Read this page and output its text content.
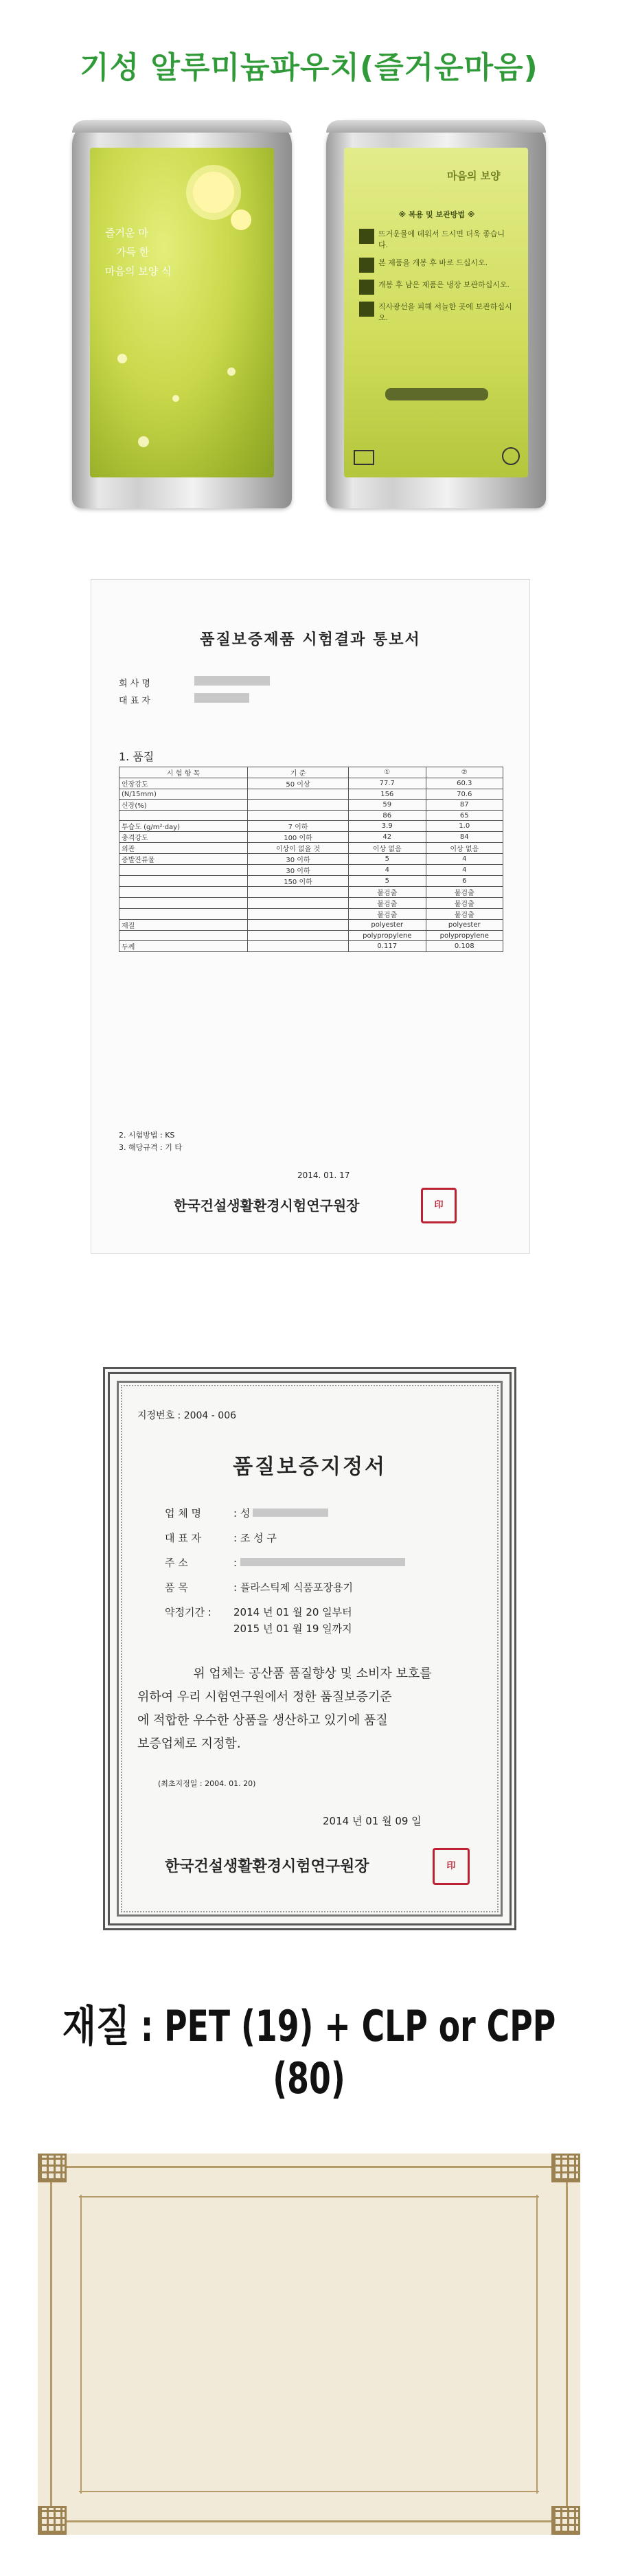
기성 알루미늄파우치(즐거운마음)
즐거운 마
가득 한
마음의 보양 식
마음의 보양
※ 복용 및 보관방법 ※
뜨거운물에 데워서 드시면 더욱 좋습니다.
본 제품을 개봉 후 바로 드십시오.
개봉 후 남은 제품은 냉장 보관하십시오.
직사광선을 피해 서늘한 곳에 보관하십시오.
품질보증제품 시험결과 통보서
회 사 명
대 표 자
1. 품질
시 험 항 목	기 준	①	②
인장강도	50 이상	77.7	60.3
(N/15mm)		156	70.6
신장(%)		59	87
		86	65
투습도 (g/m²·day)	7 이하	3.9	1.0
충격강도	100 이하	42	84
외관	이상이 없을 것	이상 없음	이상 없음
증발잔류물	30 이하	5	4
	30 이하	4	4
	150 이하	5	6
		불검출	불검출
		불검출	불검출
		불검출	불검출
재질		polyester	polyester
		polypropylene	polypropylene
두께		0.117	0.108
2. 시험방법 : KS
3. 해당규격 : 기 타
2014. 01. 17
한국건설생활환경시험연구원장	印
지정번호 : 2004 - 006
품질보증지정서
업 체 명	: 성
대 표 자	: 조 성 구
주 소	:
품 목	: 플라스틱제 식품포장용기
약정기간 :	2014 년 01 월 20 일부터
2015 년 01 월 19 일까지
위 업체는 공산품 품질향상 및 소비자 보호를
위하여 우리 시험연구원에서 정한 품질보증기준
에 적합한 우수한 상품을 생산하고 있기에 품질
보증업체로 지정함.
(최초지정일 : 2004. 01. 20)
2014 년 01 월 09 일
한국건설생활환경시험연구원장	印
재질 : PET (19) + CLP or CPP (80)
